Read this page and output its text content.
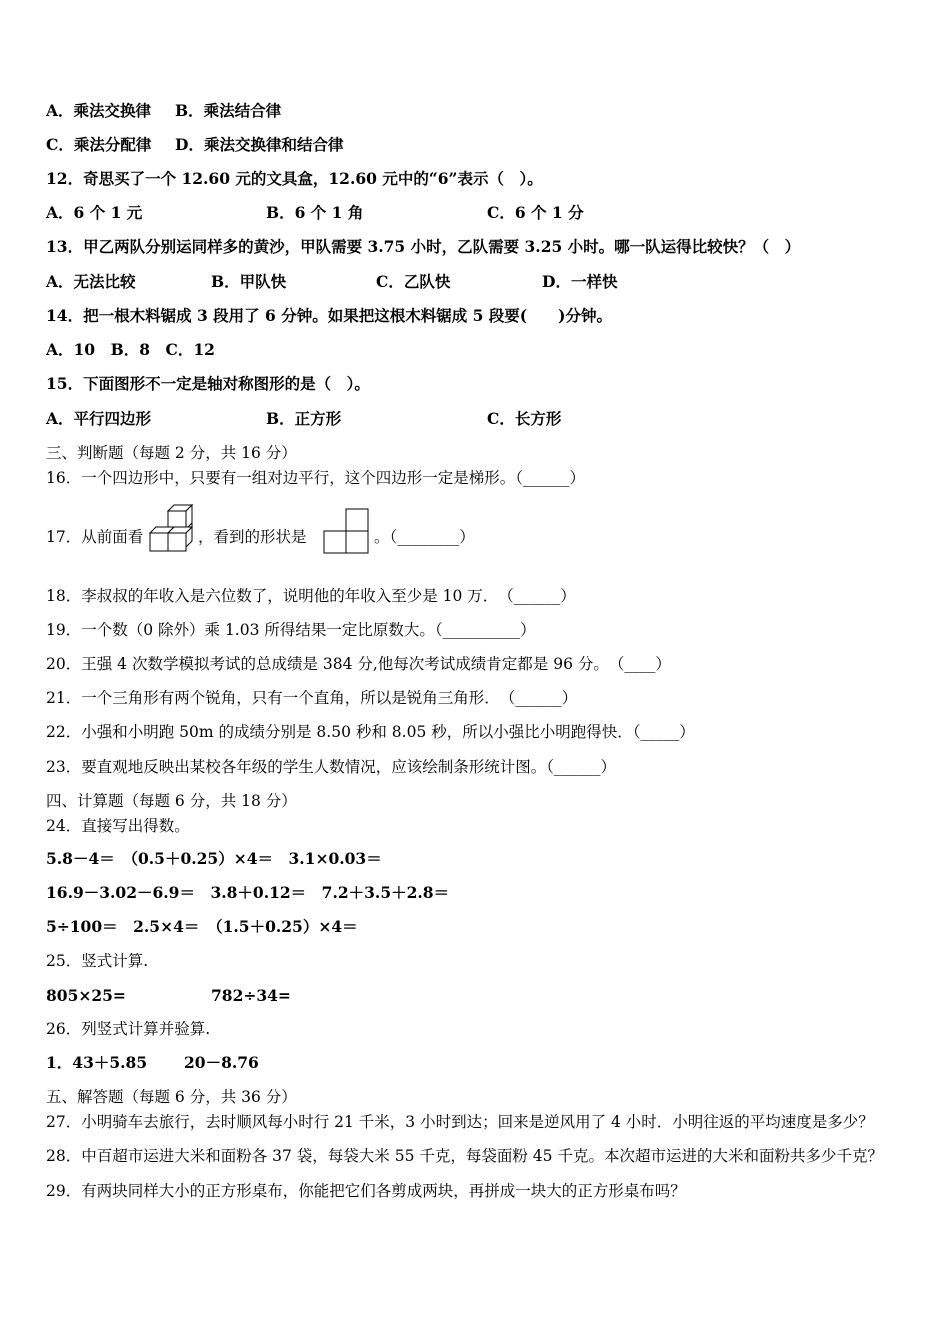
A．乘法交换律 B．乘法结合律
C．乘法分配律 D．乘法交换律和结合律
12．奇思买了一个 12.60 元的文具盒，12.60 元中的“6”表示（　）。
A．6 个 1 元	B．6 个 1 角	C．6 个 1 分
13．甲乙两队分别运同样多的黄沙，甲队需要 3.75 小时，乙队需要 3.25 小时。哪一队运得比较快？（　）
A．无法比较	B．甲队快	C．乙队快	D．一样快
14．把一根木料锯成 3 段用了 6 分钟。如果把这根木料锯成 5 段要(　　)分钟。
A．10　B．8　C．12
15．下面图形不一定是轴对称图形的是（　）。
A．平行四边形	B．正方形	C．长方形
三、判断题（每题 2 分，共 16 分）
16．一个四边形中，只要有一组对边平行，这个四边形一定是梯形。（______）
17．从前面看	，看到的形状是	。（________）
18．李叔叔的年收入是六位数了，说明他的年收入至少是 10 万．　（______）
19．一个数（0 除外）乘 1.03 所得结果一定比原数大。（__________）
20．王强 4 次数学模拟考试的总成绩是 384 分,他每次考试成绩肯定都是 96 分。　（____）
21．一个三角形有两个锐角，只有一个直角，所以是锐角三角形．　（______）
22．小强和小明跑 50m 的成绩分别是 8.50 秒和 8.05 秒，所以小强比小明跑得快．（_____）
23．要直观地反映出某校各年级的学生人数情况，应该绘制条形统计图。（______）
四、计算题（每题 6 分，共 18 分）
24．直接写出得数。
5.8－4＝　（0.5＋0.25）×4＝　3.1×0.03＝
16.9－3.02－6.9＝　3.8＋0.12＝　7.2＋3.5＋2.8＝
5÷100＝　2.5×4＝　（1.5＋0.25）×4＝
25．竖式计算.
805×25=	782÷34=
26．列竖式计算并验算.
1．43＋5.85 20－8.76
五、解答题（每题 6 分，共 36 分）
27．小明骑车去旅行，去时顺风每小时行 21 千米，3 小时到达；回来是逆风用了 4 小时．小明往返的平均速度是多少？
28．中百超市运进大米和面粉各 37 袋，每袋大米 55 千克，每袋面粉 45 千克。本次超市运进的大米和面粉共多少千克？
29．有两块同样大小的正方形桌布，你能把它们各剪成两块，再拼成一块大的正方形桌布吗？
